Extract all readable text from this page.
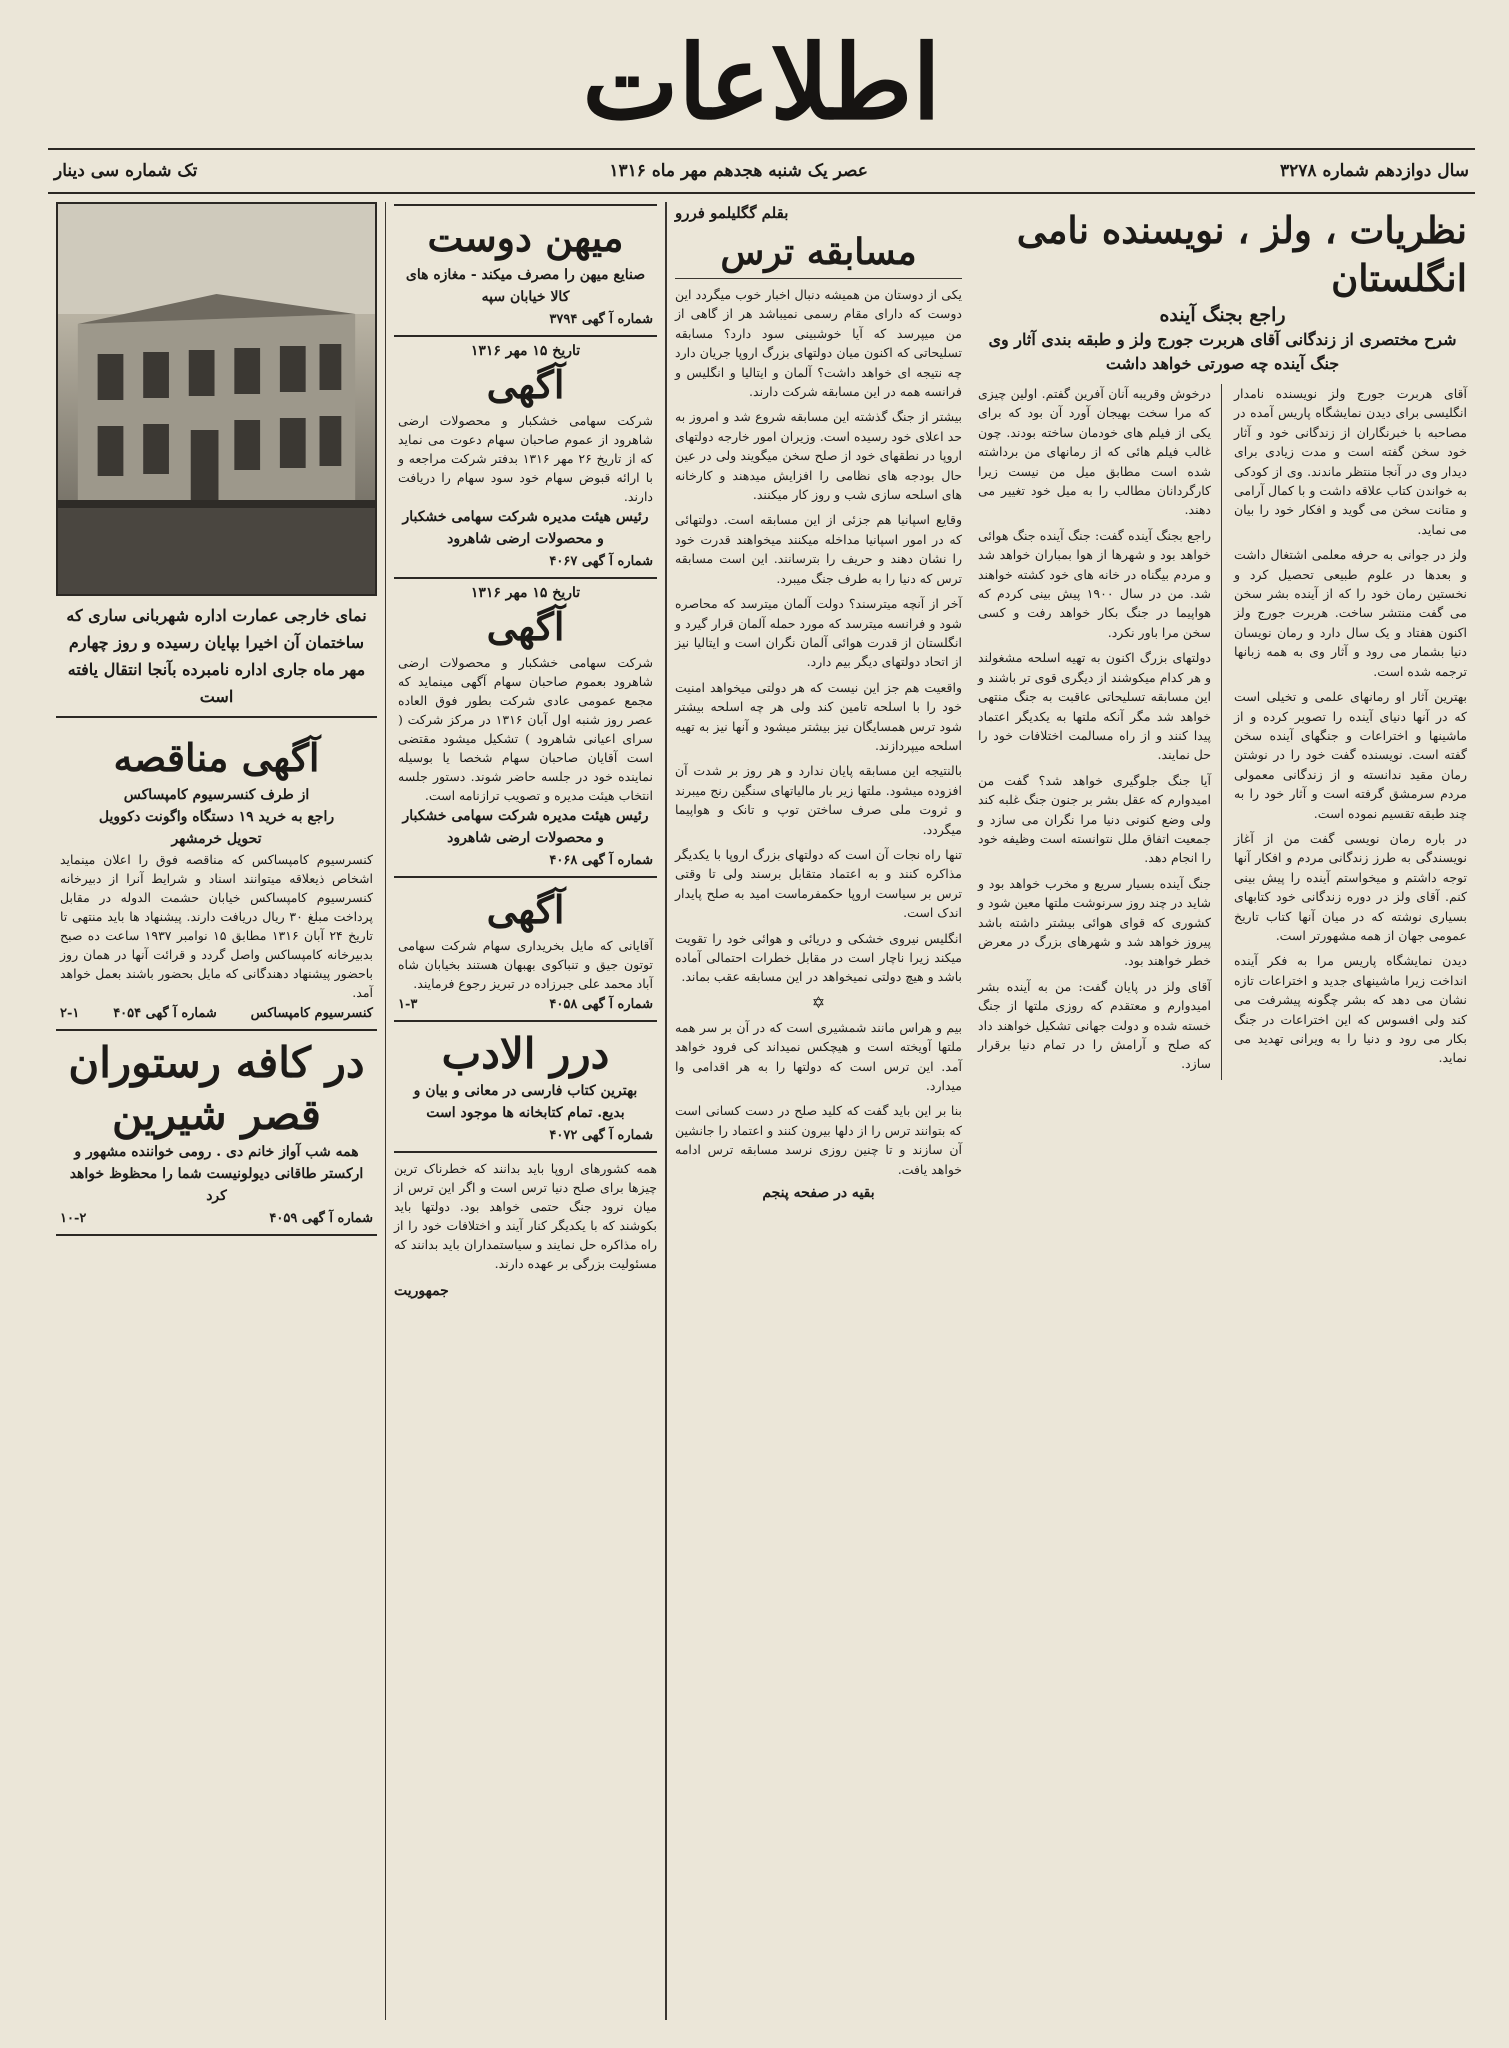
اطلاعات
سال دوازدهم شماره ۳۲۷۸
عصر یک شنبه هجدهم مهر ماه ۱۳۱۶
تک شماره سی دینار
نظریات ، ولز ، نویسنده نامی انگلستان
راجع بجنگ آینده
شرح مختصری از زندگانی آقای هربرت جورج ولز و طبقه بندی آثار وی جنگ آینده چه صورتی خواهد داشت

آقای هربرت جورج ولز نویسنده نامدار انگلیسی برای دیدن نمایشگاه پاریس آمده در مصاحبه با خبرنگاران از زندگانی خود و آثار خود سخن گفته است و مدت زیادی برای دیدار وی در آنجا منتظر ماندند. وی از کودکی به خواندن کتاب علاقه داشت و با کمال آرامی و متانت سخن می گوید و افکار خود را بیان می نماید.

ولز در جوانی به حرفه معلمی اشتغال داشت و بعدها در علوم طبیعی تحصیل کرد و نخستین رمان خود را که از آینده بشر سخن می گفت منتشر ساخت. هربرت جورج ولز اکنون هفتاد و یک سال دارد و رمان نویسان دنیا بشمار می رود و آثار وی به همه زبانها ترجمه شده است.

بهترین آثار او رمانهای علمی و تخیلی است که در آنها دنیای آینده را تصویر کرده و از ماشینها و اختراعات و جنگهای آینده سخن گفته است. نویسنده گفت خود را در نوشتن رمان مقید ندانسته و از زندگانی معمولی مردم سرمشق گرفته است و آثار خود را به چند طبقه تقسیم نموده است.

در باره رمان نویسی گفت من از آغاز نویسندگی به طرز زندگانی مردم و افکار آنها توجه داشتم و میخواستم آینده را پیش بینی کنم. آقای ولز در دوره زندگانی خود کتابهای بسیاری نوشته که در میان آنها کتاب تاریخ عمومی جهان از همه مشهورتر است.

دیدن نمایشگاه پاریس مرا به فکر آینده انداخت زیرا ماشینهای جدید و اختراعات تازه نشان می دهد که بشر چگونه پیشرفت می کند ولی افسوس که این اختراعات در جنگ بکار می رود و دنیا را به ویرانی تهدید می نماید.

درخوش وقریبه آنان آفرین گفتم. اولین چیزی که مرا سخت بهیجان آورد آن بود که برای یکی از فیلم های خودمان ساخته بودند. چون غالب فیلم هائی که از رمانهای من برداشته شده است مطابق میل من نیست زیرا کارگردانان مطالب را به میل خود تغییر می دهند.

راجع بجنگ آینده گفت: جنگ آینده جنگ هوائی خواهد بود و شهرها از هوا بمباران خواهد شد و مردم بیگناه در خانه های خود کشته خواهند شد. من در سال ۱۹۰۰ پیش بینی کردم که هواپیما در جنگ بکار خواهد رفت و کسی سخن مرا باور نکرد.

دولتهای بزرگ اکنون به تهیه اسلحه مشغولند و هر کدام میکوشند از دیگری قوی تر باشند و این مسابقه تسلیحاتی عاقبت به جنگ منتهی خواهد شد مگر آنکه ملتها به یکدیگر اعتماد پیدا کنند و از راه مسالمت اختلافات خود را حل نمایند.

آیا جنگ جلوگیری خواهد شد؟ گفت من امیدوارم که عقل بشر بر جنون جنگ غلبه کند ولی وضع کنونی دنیا مرا نگران می سازد و جمعیت اتفاق ملل نتوانسته است وظیفه خود را انجام دهد.

جنگ آینده بسیار سریع و مخرب خواهد بود و شاید در چند روز سرنوشت ملتها معین شود و کشوری که قوای هوائی بیشتر داشته باشد پیروز خواهد شد و شهرهای بزرگ در معرض خطر خواهند بود.

آقای ولز در پایان گفت: من به آینده بشر امیدوارم و معتقدم که روزی ملتها از جنگ خسته شده و دولت جهانی تشکیل خواهند داد که صلح و آرامش را در تمام دنیا برقرار سازد.

بقلم گگلیلمو فررو
مسابقه ترس

یکی از دوستان من همیشه دنبال اخبار خوب میگردد این دوست که دارای مقام رسمی نمیباشد هر از گاهی از من میپرسد که آیا خوشبینی سود دارد؟ مسابقه تسلیحاتی که اکنون میان دولتهای بزرگ اروپا جریان دارد چه نتیجه ای خواهد داشت؟ آلمان و ایتالیا و انگلیس و فرانسه همه در این مسابقه شرکت دارند.

بیشتر از جنگ گذشته این مسابقه شروع شد و امروز به حد اعلای خود رسیده است. وزیران امور خارجه دولتهای اروپا در نطقهای خود از صلح سخن میگویند ولی در عین حال بودجه های نظامی را افزایش میدهند و کارخانه های اسلحه سازی شب و روز کار میکنند.

وقایع اسپانیا هم جزئی از این مسابقه است. دولتهائی که در امور اسپانیا مداخله میکنند میخواهند قدرت خود را نشان دهند و حریف را بترسانند. این است مسابقه ترس که دنیا را به طرف جنگ میبرد.

آخر از آنچه میترسند؟ دولت آلمان میترسد که محاصره شود و فرانسه میترسد که مورد حمله آلمان قرار گیرد و انگلستان از قدرت هوائی آلمان نگران است و ایتالیا نیز از اتحاد دولتهای دیگر بیم دارد.

واقعیت هم جز این نیست که هر دولتی میخواهد امنیت خود را با اسلحه تامین کند ولی هر چه اسلحه بیشتر شود ترس همسایگان نیز بیشتر میشود و آنها نیز به تهیه اسلحه میپردازند.

بالنتیجه این مسابقه پایان ندارد و هر روز بر شدت آن افزوده میشود. ملتها زیر بار مالیاتهای سنگین رنج میبرند و ثروت ملی صرف ساختن توپ و تانک و هواپیما میگردد.

تنها راه نجات آن است که دولتهای بزرگ اروپا با یکدیگر مذاکره کنند و به اعتماد متقابل برسند ولی تا وقتی ترس بر سیاست اروپا حکمفرماست امید به صلح پایدار اندک است.

انگلیس نیروی خشکی و دریائی و هوائی خود را تقویت میکند زیرا ناچار است در مقابل خطرات احتمالی آماده باشد و هیچ دولتی نمیخواهد در این مسابقه عقب بماند.

✡

بیم و هراس مانند شمشیری است که در آن بر سر همه ملتها آویخته است و هیچکس نمیداند کی فرود خواهد آمد. این ترس است که دولتها را به هر اقدامی وا میدارد.

بنا بر این باید گفت که کلید صلح در دست کسانی است که بتوانند ترس را از دلها بیرون کنند و اعتماد را جانشین آن سازند و تا چنین روزی نرسد مسابقه ترس ادامه خواهد یافت.

بقیه در صفحه پنجم
میهن دوست
صنایع میهن را مصرف میکند - مغازه های کالا خیابان سپه
شماره آ گهی ۳۷۹۴
تاریخ ۱۵ مهر ۱۳۱۶
آگهی
شرکت سهامی خشکبار و محصولات ارضی شاهرود از عموم صاحبان سهام دعوت می نماید که از تاریخ ۲۶ مهر ۱۳۱۶ بدفتر شرکت مراجعه و با ارائه قبوض سهام خود سود سهام را دریافت دارند.
رئیس هیئت مدیره شرکت سهامی خشکبار و محصولات ارضی شاهرود
شماره آ گهی ۴۰۶۷
تاریخ ۱۵ مهر ۱۳۱۶
آگهی
شرکت سهامی خشکبار و محصولات ارضی شاهرود بعموم صاحبان سهام آگهی مینماید که مجمع عمومی عادی شرکت بطور فوق العاده عصر روز شنبه اول آبان ۱۳۱۶ در مرکز شرکت ( سرای اعیانی شاهرود ) تشکیل میشود مقتضی است آقایان صاحبان سهام شخصا یا بوسیله نماینده خود در جلسه حاضر شوند. دستور جلسه انتخاب هیئت مدیره و تصویب ترازنامه است.
رئیس هیئت مدیره شرکت سهامی خشکبار و محصولات ارضی شاهرود
شماره آ گهی ۴۰۶۸
آگهی
آقایانی که مایل بخریداری سهام شرکت سهامی توتون جیق و تنباکوی بهبهان هستند بخیابان شاه آباد محمد علی جبرزاده در تبریز رجوع فرمایند.
شماره آ گهی ۴۰۵۸
۱-۳
درر الادب
بهترین کتاب فارسی در معانی و بیان و بدیع. تمام کتابخانه ها موجود است
شماره آ گهی ۴۰۷۲
همه کشورهای اروپا باید بدانند که خطرناک ترین چیزها برای صلح دنیا ترس است و اگر این ترس از میان نرود جنگ حتمی خواهد بود. دولتها باید بکوشند که با یکدیگر کنار آیند و اختلافات خود را از راه مذاکره حل نمایند و سیاستمداران باید بدانند که مسئولیت بزرگی بر عهده دارند.
جمهوریت
نمای خارجی عمارت اداره شهربانی ساری که ساختمان آن اخیرا بپایان رسیده و روز چهارم مهر ماه جاری اداره نامبرده بآنجا انتقال یافته است
آگهی مناقصه
از طرف کنسرسیوم کامپساکس
راجع به خرید ۱۹ دستگاه واگونت دکوویل
تحویل خرمشهر
کنسرسیوم کامپساکس که مناقصه فوق را اعلان مینماید اشخاص ذیعلاقه میتوانند اسناد و شرایط آنرا از دبیرخانه کنسرسیوم کامپساکس خیابان حشمت الدوله در مقابل پرداخت مبلغ ۳۰ ریال دریافت دارند. پیشنهاد ها باید منتهی تا تاریخ ۲۴ آبان ۱۳۱۶ مطابق ۱۵ نوامبر ۱۹۳۷ ساعت ده صبح بدبیرخانه کامپساکس واصل گردد و قرائت آنها در همان روز باحضور پیشنهاد دهندگانی که مایل بحضور باشند بعمل خواهد آمد.
کنسرسیوم کامپساکس
شماره آ گهی ۴۰۵۴
۲-۱
در کافه رستوران قصر شیرین
همه شب آواز خانم دی . رومی خواننده مشهور و ارکستر طاقانی دیولونیست شما را محظوظ خواهد کرد
شماره آ گهی ۴۰۵۹
۱۰-۲
